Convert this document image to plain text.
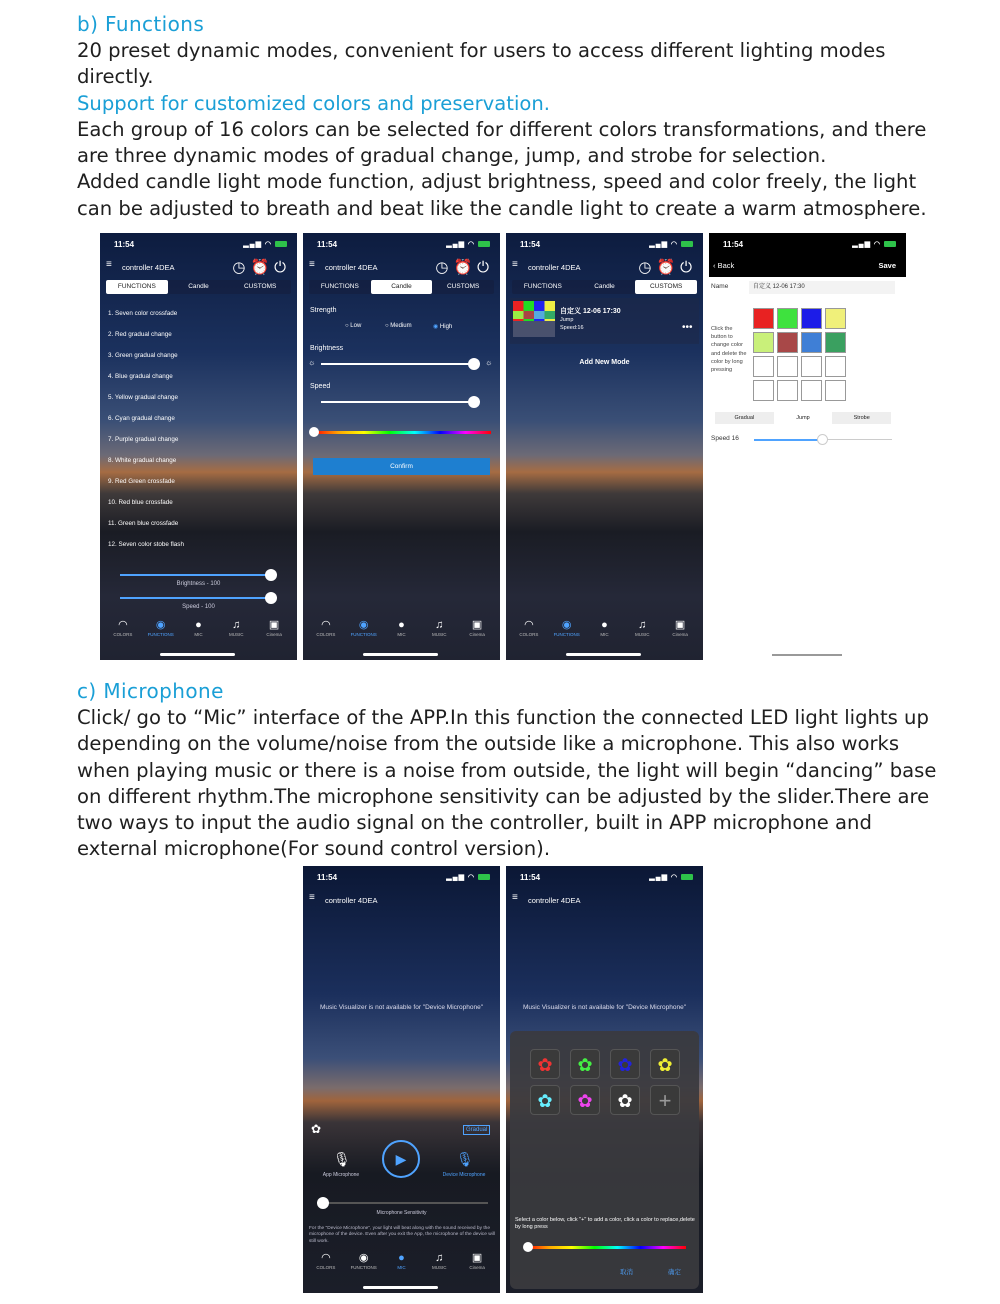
b) Functions

20 preset dynamic modes, convenient for users to access different lighting modes

directly.

Support for customized colors and preservation.

Each group of 16 colors can be selected for different colors transformations, and there

are three dynamic modes of gradual change, jump, and strobe for selection.

Added candle light mode function, adjust brightness, speed and color freely, the light

can be adjusted to breath and beat like the candle light to create a warm atmosphere.

11:54	▂▄▆ ◠
≡	controller 4DEA	◷⏰⏻
FUNCTIONS	Candle	CUSTOMS
1. Seven color crossfade
2. Red gradual change
3. Green gradual change
4. Blue gradual change
5. Yellow gradual change
6. Cyan gradual change
7. Purple gradual change
8. White gradual change
9. Red Green crossfade
10. Red blue crossfade
11. Green blue crossfade
12. Seven color stobe flash
Brightness - 100
Speed - 100
◠
COLORS
◉
FUNCTIONS
●
MIC
♫
MUSIC
▣
Cinema
11:54	▂▄▆ ◠
≡	controller 4DEA	◷⏰⏻
FUNCTIONS	Candle	CUSTOMS
Strength
○ Low	○ Medium	◉ High
Brightness
☼	☼
Speed
Confirm
◠
COLORS
◉
FUNCTIONS
●
MIC
♫
MUSIC
▣
Cinema
11:54	▂▄▆ ◠
≡	controller 4DEA	◷⏰⏻
FUNCTIONS	Candle	CUSTOMS
自定义 12-06 17:30
Jump
Speed:16	•••
Add New Mode
◠
COLORS
◉
FUNCTIONS
●
MIC
♫
MUSIC
▣
Cinema
11:54	▂▄▆ ◠
‹ Back	Save
Name	自定义 12-06 17:30
Click the button to change color and delete the color by long pressing
Gradual	Jump	Strobe
Speed 16
c) Microphone

Click/ go to “Mic” interface of the APP.In this function the connected LED light lights up

depending on the volume/noise from the outside like a microphone. This also works

when playing music or there is a noise from outside, the light will begin “dancing” base

on different rhythm.The microphone sensitivity can be adjusted by the slider.There are

two ways to input the audio signal on the controller, built in APP microphone and

external microphone(For sound control version).

11:54	▂▄▆ ◠
≡	controller 4DEA
Music Visualizer is not available for "Device Microphone"
✿	Gradual
🎙
App Microphone
▶	🎙
Device Microphone
Microphone Sensitivity
For the "Device Microphone", your light will beat along with the sound received by the microphone of the device. Even after you exit the App, the microphone of the device will still work.
◠
COLORS
◉
FUNCTIONS
●
MIC
♫
MUSIC
▣
Cinema
11:54	▂▄▆ ◠
≡	controller 4DEA
Music Visualizer is not available for "Device Microphone"
✿	✿	✿	✿
✿	✿	✿	+
Select a color below, click "+" to add a color, click a color to replace,delete by long press
取消	确定
